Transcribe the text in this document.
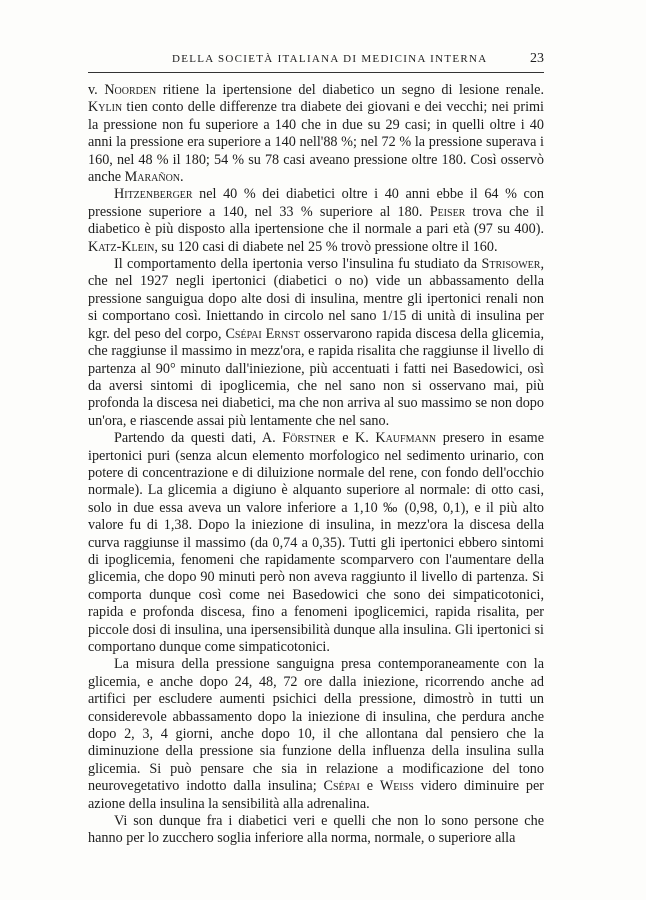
DELLA SOCIETÀ ITALIANA DI MEDICINA INTERNA	23

v. Noorden ritiene la ipertensione del diabetico un segno di lesione renale. Kylin tien conto delle differenze tra diabete dei giovani e dei vecchi; nei primi la pressione non fu superiore a 140 che in due su 29 casi; in quelli oltre i 40 anni la pressione era superiore a 140 nell'88 %; nel 72 % la pressione superava i 160, nel 48 % il 180; 54 % su 78 casi aveano pressione oltre 180. Così osservò anche Marañon.

Hitzenberger nel 40 % dei diabetici oltre i 40 anni ebbe il 64 % con pressione superiore a 140, nel 33 % superiore al 180. Peiser trova che il diabetico è più disposto alla ipertensione che il normale a pari età (97 su 400). Katz-Klein, su 120 casi di diabete nel 25 % trovò pressione oltre il 160.

Il comportamento della ipertonia verso l'insulina fu studiato da Strisower, che nel 1927 negli ipertonici (diabetici o no) vide un abbassamento della pressione sanguigua dopo alte dosi di insulina, mentre gli ipertonici renali non si comportano così. Iniettando in circolo nel sano 1/15 di unità di insulina per kgr. del peso del corpo, Csépai Ernst osservarono rapida discesa della glicemia, che raggiunse il massimo in mezz'ora, e rapida risalita che raggiunse il livello di partenza al 90° minuto dall'iniezione, più accentuati i fatti nei Basedowici, osì da aversi sintomi di ipoglicemia, che nel sano non si osservano mai, più profonda la discesa nei diabetici, ma che non arriva al suo massimo se non dopo un'ora, e riascende assai più lentamente che nel sano.

Partendo da questi dati, A. Förstner e K. Kaufmann presero in esame ipertonici puri (senza alcun elemento morfologico nel sedimento urinario, con potere di concentrazione e di diluizione normale del rene, con fondo dell'occhio normale). La glicemia a digiuno è alquanto superiore al normale: di otto casi, solo in due essa aveva un valore inferiore a 1,10 ‰ (0,98, 0,1), e il più alto valore fu di 1,38. Dopo la iniezione di insulina, in mezz'ora la discesa della curva raggiunse il massimo (da 0,74 a 0,35). Tutti gli ipertonici ebbero sintomi di ipoglicemia, fenomeni che rapidamente scomparvero con l'aumentare della glicemia, che dopo 90 minuti però non aveva raggiunto il livello di partenza. Si comporta dunque così come nei Basedowici che sono dei simpaticotonici, rapida e profonda discesa, fino a fenomeni ipoglicemici, rapida risalita, per piccole dosi di insulina, una ipersensibilità dunque alla insulina. Gli ipertonici si comportano dunque come simpaticotonici.

La misura della pressione sanguigna presa contemporaneamente con la glicemia, e anche dopo 24, 48, 72 ore dalla iniezione, ricorrendo anche ad artifici per escludere aumenti psichici della pressione, dimostrò in tutti un considerevole abbassamento dopo la iniezione di insulina, che perdura anche dopo 2, 3, 4 giorni, anche dopo 10, il che allontana dal pensiero che la diminuzione della pressione sia funzione della influenza della insulina sulla glicemia. Si può pensare che sia in relazione a modificazione del tono neurovegetativo indotto dalla insulina; Csépai e Weiss videro diminuire per azione della insulina la sensibilità alla adrenalina.

Vi son dunque fra i diabetici veri e quelli che non lo sono persone che hanno per lo zucchero soglia inferiore alla norma, normale, o superiore alla
